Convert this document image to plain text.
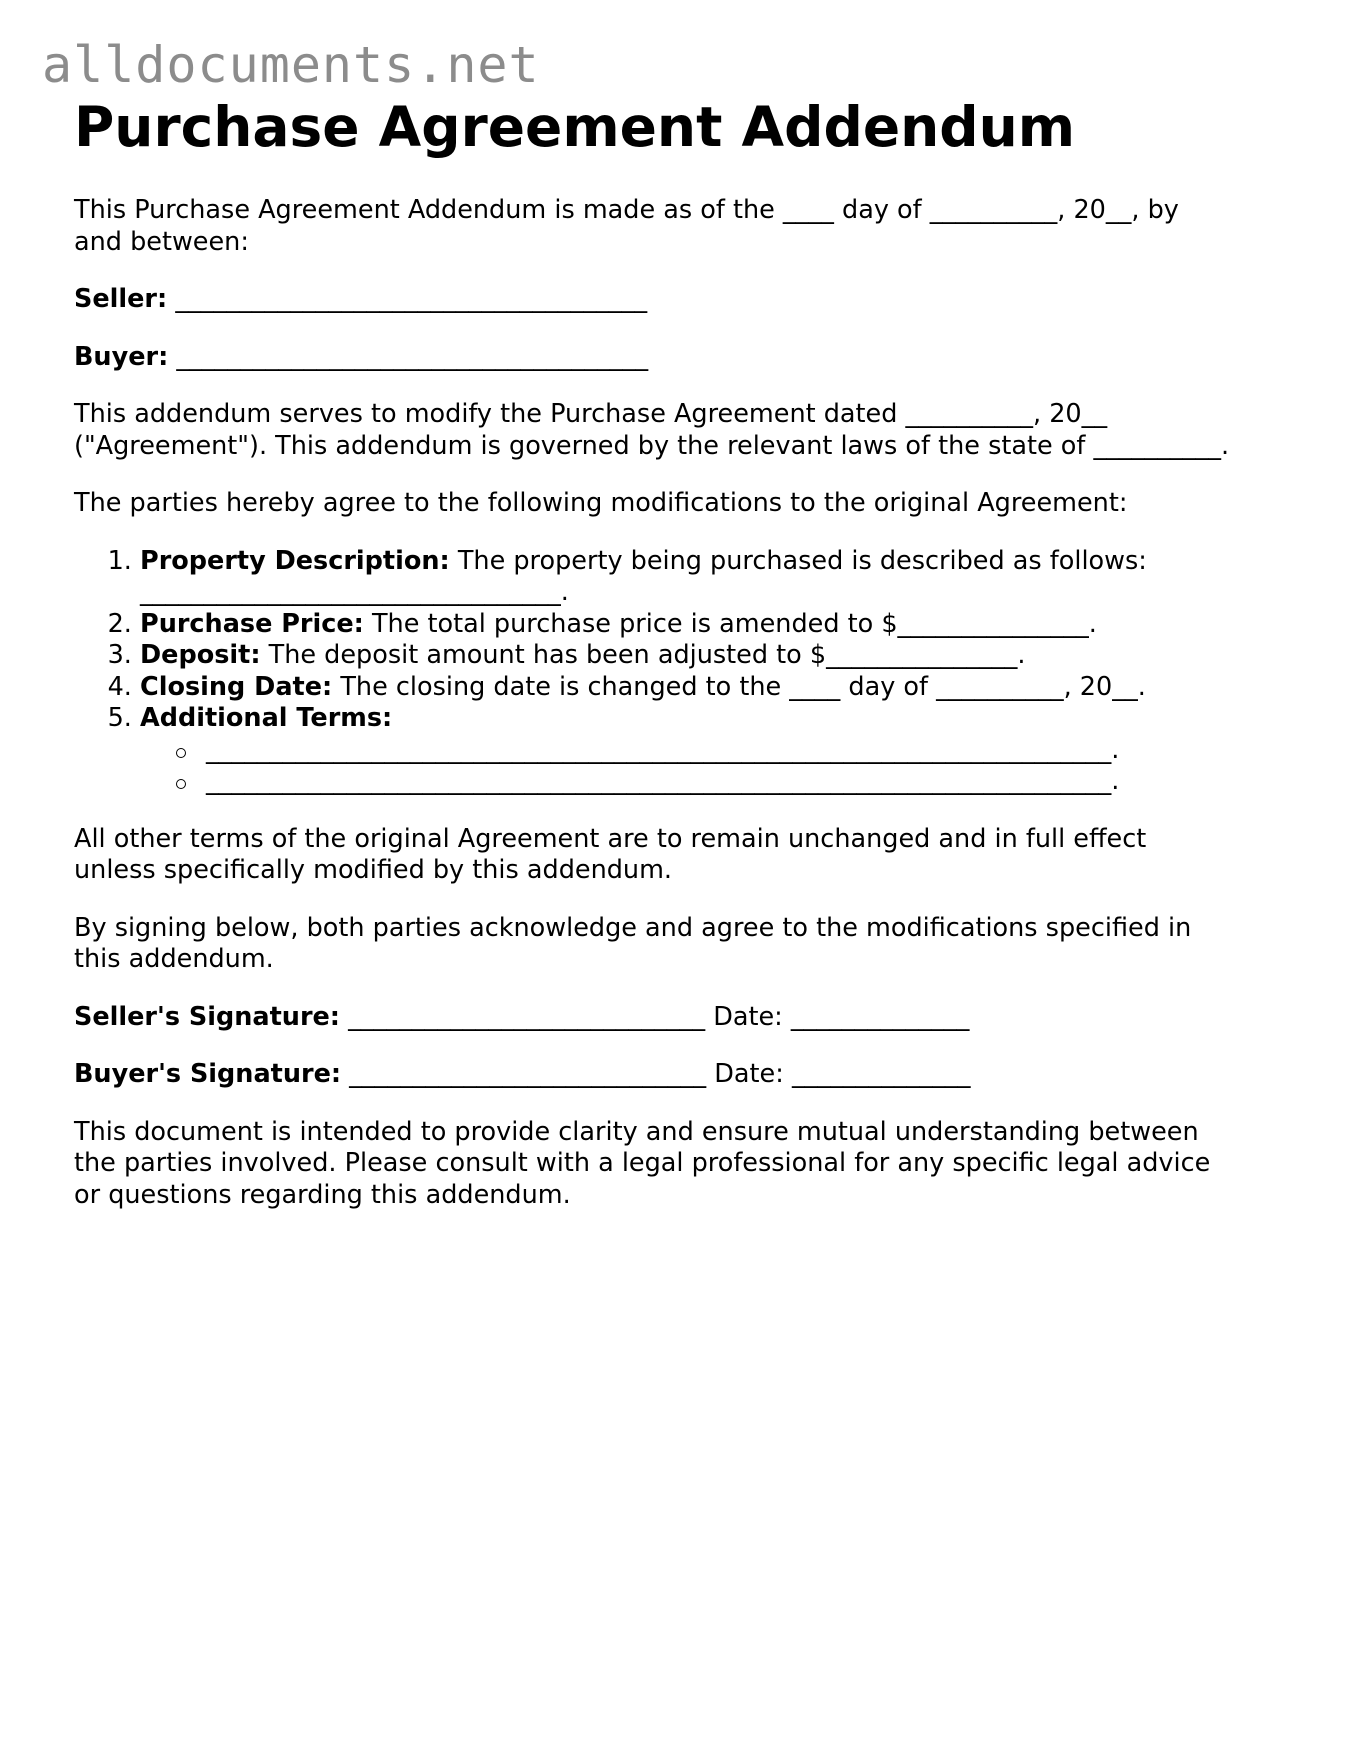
alldocuments.net
Purchase Agreement Addendum

This Purchase Agreement Addendum is made as of the ____ day of __________, 20__, by
and between:

Seller: _____________________________________

Buyer: _____________________________________

This addendum serves to modify the Purchase Agreement dated __________, 20__
("Agreement"). This addendum is governed by the relevant laws of the state of __________.

The parties hereby agree to the following modifications to the original Agreement:

1. Property Description: The property being purchased is described as follows:
_________________________________.
2. Purchase Price: The total purchase price is amended to $_______________.
3. Deposit: The deposit amount has been adjusted to $_______________.
4. Closing Date: The closing date is changed to the ____ day of __________, 20__.
5. Additional Terms:
_______________________________________________________________________.
_______________________________________________________________________.

All other terms of the original Agreement are to remain unchanged and in full effect
unless specifically modified by this addendum.

By signing below, both parties acknowledge and agree to the modifications specified in
this addendum.

Seller's Signature: ____________________________ Date: ______________

Buyer's Signature: ____________________________ Date: ______________

This document is intended to provide clarity and ensure mutual understanding between
the parties involved. Please consult with a legal professional for any specific legal advice
or questions regarding this addendum.
